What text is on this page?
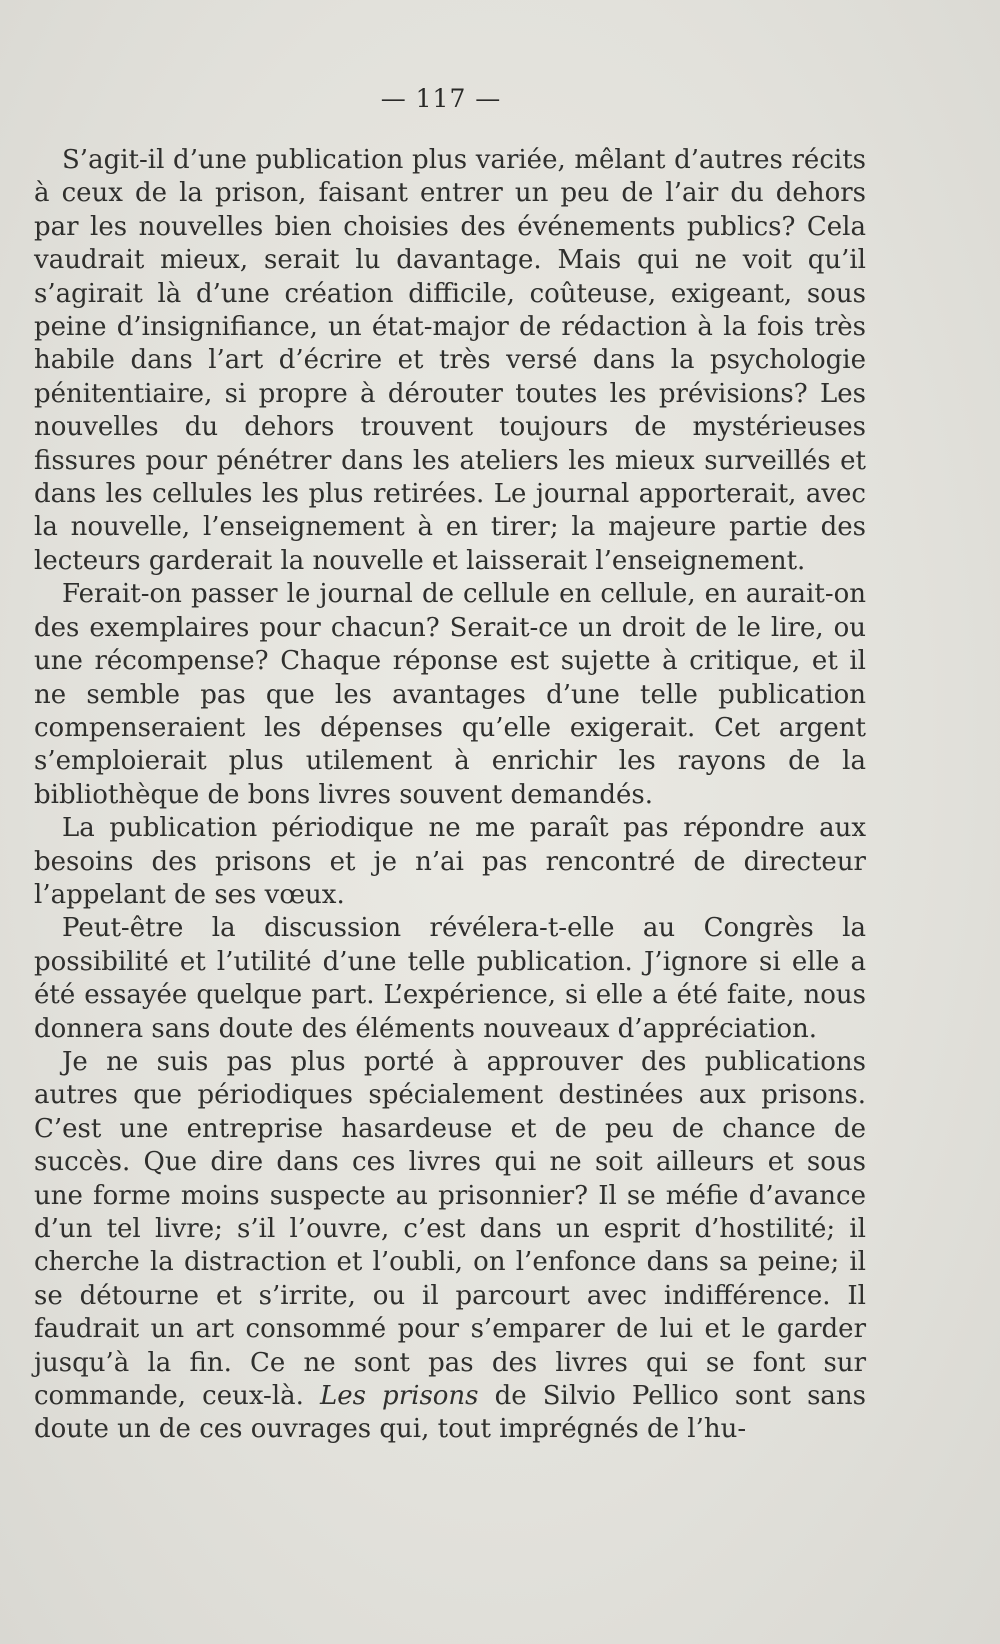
— 117 —

S’agit-il d’une publication plus variée, mêlant d’autres récits à ceux de la prison, faisant entrer un peu de l’air du dehors par les nouvelles bien choisies des événements publics? Cela vaudrait mieux, serait lu davantage. Mais qui ne voit qu’il s’agirait là d’une création difficile, coûteuse, exigeant, sous peine d’insignifiance, un état-major de rédaction à la fois très habile dans l’art d’écrire et très versé dans la psychologie pénitentiaire, si propre à dérouter toutes les prévisions? Les nouvelles du dehors trouvent toujours de mystérieuses fissures pour pénétrer dans les ateliers les mieux surveillés et dans les cellules les plus retirées. Le journal apporterait, avec la nouvelle, l’enseignement à en tirer; la majeure partie des lecteurs garderait la nouvelle et laisserait l’enseignement.

Ferait-on passer le journal de cellule en cellule, en aurait-on des exemplaires pour chacun? Serait-ce un droit de le lire, ou une récompense? Chaque réponse est sujette à critique, et il ne semble pas que les avantages d’une telle publication compenseraient les dépenses qu’elle exigerait. Cet argent s’emploierait plus utilement à enrichir les rayons de la bibliothèque de bons livres souvent demandés.

La publication périodique ne me paraît pas répondre aux besoins des prisons et je n’ai pas rencontré de directeur l’appelant de ses vœux.

Peut-être la discussion révélera-t-elle au Congrès la possibilité et l’utilité d’une telle publication. J’ignore si elle a été essayée quelque part. L’expérience, si elle a été faite, nous donnera sans doute des éléments nouveaux d’appréciation.

Je ne suis pas plus porté à approuver des publications autres que périodiques spécialement destinées aux prisons. C’est une entreprise hasardeuse et de peu de chance de succès. Que dire dans ces livres qui ne soit ailleurs et sous une forme moins suspecte au prisonnier? Il se méfie d’avance d’un tel livre; s’il l’ouvre, c’est dans un esprit d’hostilité; il cherche la distraction et l’oubli, on l’enfonce dans sa peine; il se détourne et s’irrite, ou il parcourt avec indifférence. Il faudrait un art consommé pour s’emparer de lui et le garder jusqu’à la fin. Ce ne sont pas des livres qui se font sur commande, ceux-là. Les prisons de Silvio Pellico sont sans doute un de ces ouvrages qui, tout imprégnés de l’hu-
